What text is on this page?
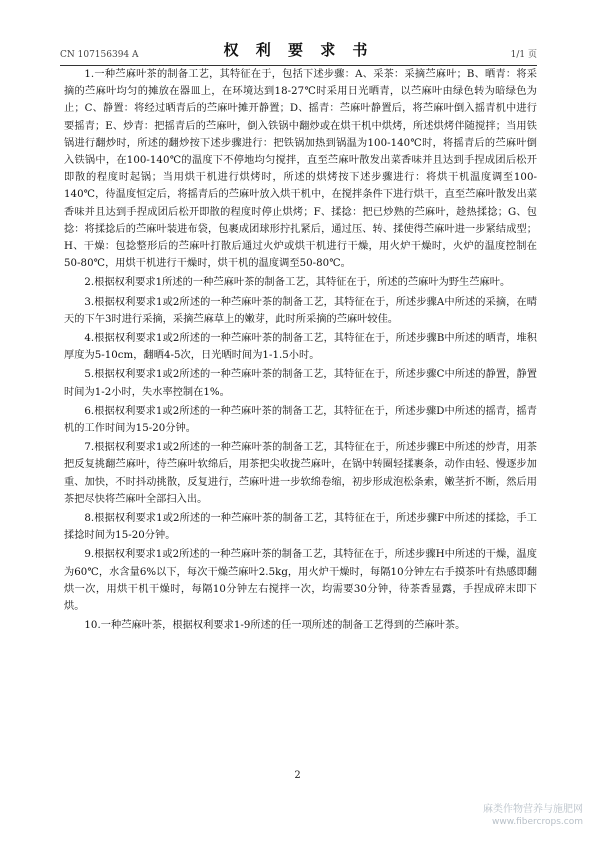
CN 107156394 A	权 利 要 求 书	1/1 页

1.一种苎麻叶茶的制备工艺，其特征在于，包括下述步骤：A、采茶：采摘苎麻叶；B、晒青：将采摘的苎麻叶均匀的摊放在器皿上，在环境达到18-27℃时采用日光晒青，以苎麻叶由绿色转为暗绿色为止；C、静置：将经过晒青后的苎麻叶摊开静置；D、摇青：苎麻叶静置后，将苎麻叶倒入摇青机中进行要摇青；E、炒青：把摇青后的苎麻叶，倒入铁锅中翻炒或在烘干机中烘烤，所述烘烤伴随搅拌；当用铁锅进行翻炒时，所述的翻炒按下述步骤进行：把铁锅加热到锅温为100-140℃时，将摇青后的苎麻叶倒入铁锅中，在100-140℃的温度下不停地均匀搅拌，直至苎麻叶散发出菜香味并且达到手捏成团后松开即散的程度时起锅；当用烘干机进行烘烤时，所述的烘烤按下述步骤进行：将烘干机温度调至100-140℃，待温度恒定后，将摇青后的苎麻叶放入烘干机中，在搅拌条件下进行烘干，直至苎麻叶散发出菜香味并且达到手捏成团后松开即散的程度时停止烘烤；F、揉捻：把已炒熟的苎麻叶，趁热揉捻；G、包捻：将揉捻后的苎麻叶装进布袋，包裹成团球形拧扎紧后，通过压、转、揉使得苎麻叶进一步紧结成型；H、干燥：包捻整形后的苎麻叶打散后通过火炉或烘干机进行干燥，用火炉干燥时，火炉的温度控制在50-80℃，用烘干机进行干燥时，烘干机的温度调至50-80℃。

2.根据权利要求1所述的一种苎麻叶茶的制备工艺，其特征在于，所述的苎麻叶为野生苎麻叶。

3.根据权利要求1或2所述的一种苎麻叶茶的制备工艺，其特征在于，所述步骤A中所述的采摘，在晴天的下午3时进行采摘，采摘苎麻草上的嫩芽，此时所采摘的苎麻叶较佳。

4.根据权利要求1或2所述的一种苎麻叶茶的制备工艺，其特征在于，所述步骤B中所述的晒青，堆积厚度为5-10cm，翻晒4-5次，日光晒时间为1-1.5小时。

5.根据权利要求1或2所述的一种苎麻叶茶的制备工艺，其特征在于，所述步骤C中所述的静置，静置时间为1-2小时，失水率控制在1%。

6.根据权利要求1或2所述的一种苎麻叶茶的制备工艺，其特征在于，所述步骤D中所述的摇青，摇青机的工作时间为15-20分钟。

7.根据权利要求1或2所述的一种苎麻叶茶的制备工艺，其特征在于，所述步骤E中所述的炒青，用茶把反复挑翻苎麻叶，待苎麻叶软绵后，用茶把尖收拢苎麻叶，在锅中转圈轻揉裹条，动作由轻、慢逐步加重、加快，不时抖动挑散，反复进行，苎麻叶进一步软绵卷缩，初步形成泡松条索，嫩茎折不断，然后用茶把尽快将苎麻叶全部扫入出。

8.根据权利要求1或2所述的一种苎麻叶茶的制备工艺，其特征在于，所述步骤F中所述的揉捻，手工揉捻时间为15-20分钟。

9.根据权利要求1或2所述的一种苎麻叶茶的制备工艺，其特征在于，所述步骤H中所述的干燥，温度为60℃，水含量6%以下，每次干燥苎麻叶2.5kg，用火炉干燥时，每隔10分钟左右手摸茶叶有热感即翻烘一次，用烘干机干燥时，每隔10分钟左右搅拌一次，均需要30分钟，待茶香显露，手捏成碎末即下烘。

10.一种苎麻叶茶，根据权利要求1-9所述的任一项所述的制备工艺得到的苎麻叶茶。

2
麻类作物营养与施肥网
www.fibercrops.com
